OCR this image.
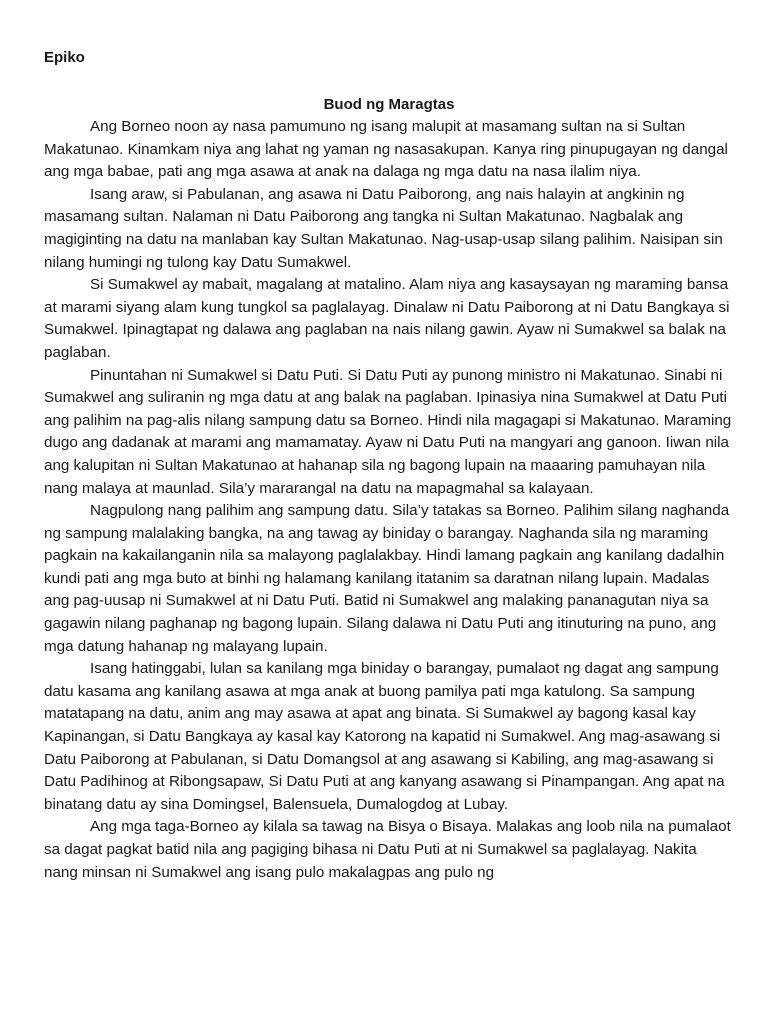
Epiko
Buod ng Maragtas

Ang Borneo noon ay nasa pamumuno ng isang malupit at masamang sultan na si Sultan Makatunao. Kinamkam niya ang lahat ng yaman ng nasasakupan. Kanya ring pinupugayan ng dangal ang mga babae, pati ang mga asawa at anak na dalaga ng mga datu na nasa ilalim niya.

Isang araw, si Pabulanan, ang asawa ni Datu Paiborong, ang nais halayin at angkinin ng masamang sultan. Nalaman ni Datu Paiborong ang tangka ni Sultan Makatunao. Nagbalak ang magiginting na datu na manlaban kay Sultan Makatunao. Nag-usap-usap silang palihim. Naisipan sin nilang humingi ng tulong kay Datu Sumakwel.

Si Sumakwel ay mabait, magalang at matalino. Alam niya ang kasaysayan ng maraming bansa at marami siyang alam kung tungkol sa paglalayag. Dinalaw ni Datu Paiborong at ni Datu Bangkaya si Sumakwel. Ipinagtapat ng dalawa ang paglaban na nais nilang gawin. Ayaw ni Sumakwel sa balak na paglaban.

Pinuntahan ni Sumakwel si Datu Puti. Si Datu Puti ay punong ministro ni Makatunao. Sinabi ni Sumakwel ang suliranin ng mga datu at ang balak na paglaban. Ipinasiya nina Sumakwel at Datu Puti ang palihim na pag-alis nilang sampung datu sa Borneo. Hindi nila magagapi si Makatunao. Maraming dugo ang dadanak at marami ang mamamatay. Ayaw ni Datu Puti na mangyari ang ganoon. Iiwan nila ang kalupitan ni Sultan Makatunao at hahanap sila ng bagong lupain na maaaring pamuhayan nila nang malaya at maunlad. Sila’y mararangal na datu na mapagmahal sa kalayaan.

Nagpulong nang palihim ang sampung datu. Sila’y tatakas sa Borneo. Palihim silang naghanda ng sampung malalaking bangka, na ang tawag ay biniday o barangay. Naghanda sila ng maraming pagkain na kakailanganin nila sa malayong paglalakbay. Hindi lamang pagkain ang kanilang dadalhin kundi pati ang mga buto at binhi ng halamang kanilang itatanim sa daratnan nilang lupain. Madalas ang pag-uusap ni Sumakwel at ni Datu Puti. Batid ni Sumakwel ang malaking pananagutan niya sa gagawin nilang paghanap ng bagong lupain. Silang dalawa ni Datu Puti ang itinuturing na puno, ang mga datung hahanap ng malayang lupain.

Isang hatinggabi, lulan sa kanilang mga biniday o barangay, pumalaot ng dagat ang sampung datu kasama ang kanilang asawa at mga anak at buong pamilya pati mga katulong. Sa sampung matatapang na datu, anim ang may asawa at apat ang binata. Si Sumakwel ay bagong kasal kay Kapinangan, si Datu Bangkaya ay kasal kay Katorong na kapatid ni Sumakwel. Ang mag-asawang si Datu Paiborong at Pabulanan, si Datu Domangsol at ang asawang si Kabiling, ang mag-asawang si Datu Padihinog at Ribongsapaw, Si Datu Puti at ang kanyang asawang si Pinampangan. Ang apat na binatang datu ay sina Domingsel, Balensuela, Dumalogdog at Lubay.

Ang mga taga-Borneo ay kilala sa tawag na Bisya o Bisaya. Malakas ang loob nila na pumalaot sa dagat pagkat batid nila ang pagiging bihasa ni Datu Puti at ni Sumakwel sa paglalayag. Nakita nang minsan ni Sumakwel ang isang pulo makalagpas ang pulo ng
